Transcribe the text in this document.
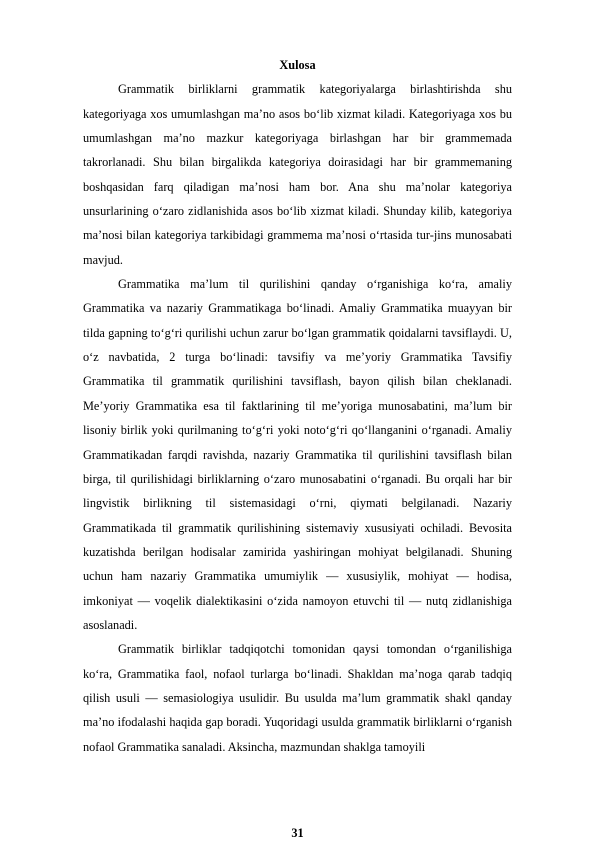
Xulosa

Grammatik birliklarni grammatik kategoriyalarga birlashtirishda shu kategoriyaga xos umumlashgan ma’no asos bo‘lib xizmat kiladi. Kategoriyaga xos bu umumlashgan ma’no mazkur kategoriyaga birlashgan har bir grammemada takrorlanadi. Shu bilan birgalikda kategoriya doirasidagi har bir grammemaning boshqasidan farq qiladigan ma’nosi ham bor. Ana shu ma’nolar kategoriya unsurlarining o‘zaro zidlanishida asos bo‘lib xizmat kiladi. Shunday kilib, kategoriya ma’nosi bilan kategoriya tarkibidagi grammema ma’nosi o‘rtasida tur-jins munosabati mavjud.

Grammatika ma’lum til qurilishini qanday o‘rganishiga ko‘ra, amaliy Grammatika va nazariy Grammatikaga bo‘linadi. Amaliy Grammatika muayyan bir tilda gapning to‘g‘ri qurilishi uchun zarur bo‘lgan grammatik qoidalarni tavsiflaydi. U, o‘z navbatida, 2 turga bo‘linadi: tavsifiy va me’yoriy Grammatika Tavsifiy Grammatika til grammatik qurilishini tavsiflash, bayon qilish bilan cheklanadi. Me’yoriy Grammatika esa til faktlarining til me’yoriga munosabatini, ma’lum bir lisoniy birlik yoki qurilmaning to‘g‘ri yoki noto‘g‘ri qo‘llanganini o‘rganadi. Amaliy Grammatikadan farqdi ravishda, nazariy Grammatika til qurilishini tavsiflash bilan birga, til qurilishidagi birliklarning o‘zaro munosabatini o‘rganadi. Bu orqali har bir lingvistik birlikning til sistemasidagi o‘rni, qiymati belgilanadi. Nazariy Grammatikada til grammatik qurilishining sistemaviy xususiyati ochiladi. Bevosita kuzatishda berilgan hodisalar zamirida yashiringan mohiyat belgilanadi. Shuning uchun ham nazariy Grammatika umumiylik — xususiylik, mohiyat — hodisa, imkoniyat — voqelik dialektikasini o‘zida namoyon etuvchi til — nutq zidlanishiga asoslanadi.

Grammatik birliklar tadqiqotchi tomonidan qaysi tomondan o‘rganilishiga ko‘ra, Grammatika faol, nofaol turlarga bo‘linadi. Shakldan ma’noga qarab tadqiq qilish usuli — semasiologiya usulidir. Bu usulda ma’lum grammatik shakl qanday ma’no ifodalashi haqida gap boradi. Yuqoridagi usulda grammatik birliklarni o‘rganish nofaol Grammatika sanaladi. Aksincha, mazmundan shaklga tamoyili

31
